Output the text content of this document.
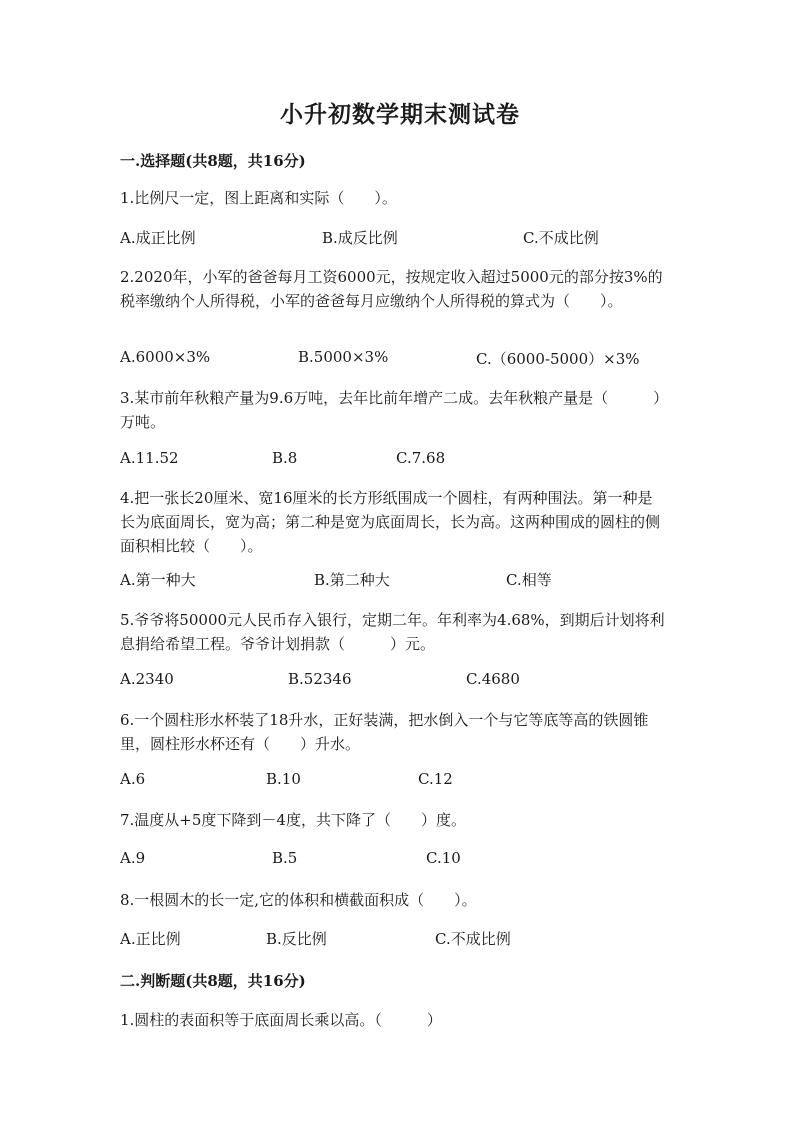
小升初数学期末测试卷
一.选择题(共8题，共16分)
1.比例尺一定，图上距离和实际（　　）。
A.成正比例	B.成反比例	C.不成比例
2.2020年，小军的爸爸每月工资6000元，按规定收入超过5000元的部分按3%的税率缴纳个人所得税，小军的爸爸每月应缴纳个人所得税的算式为（　　）。
A.6000×3%	B.5000×3%	C.（6000-5000）×3%
3.某市前年秋粮产量为9.6万吨，去年比前年增产二成。去年秋粮产量是（　　　）万吨。
A.11.52	B.8	C.7.68
4.把一张长20厘米、宽16厘米的长方形纸围成一个圆柱，有两种围法。第一种是长为底面周长，宽为高；第二种是宽为底面周长，长为高。这两种围成的圆柱的侧面积相比较（　　）。
A.第一种大	B.第二种大	C.相等
5.爷爷将50000元人民币存入银行，定期二年。年利率为4.68%，到期后计划将利息捐给希望工程。爷爷计划捐款（　　　）元。
A.2340	B.52346	C.4680
6.一个圆柱形水杯装了18升水，正好装满，把水倒入一个与它等底等高的铁圆锥里，圆柱形水杯还有（　　）升水。
A.6	B.10	C.12
7.温度从+5度下降到－4度，共下降了（　　）度。
A.9	B.5	C.10
8.一根圆木的长一定,它的体积和横截面积成（　　）。
A.正比例	B.反比例	C.不成比例
二.判断题(共8题，共16分)
1.圆柱的表面积等于底面周长乘以高。（　　　）
